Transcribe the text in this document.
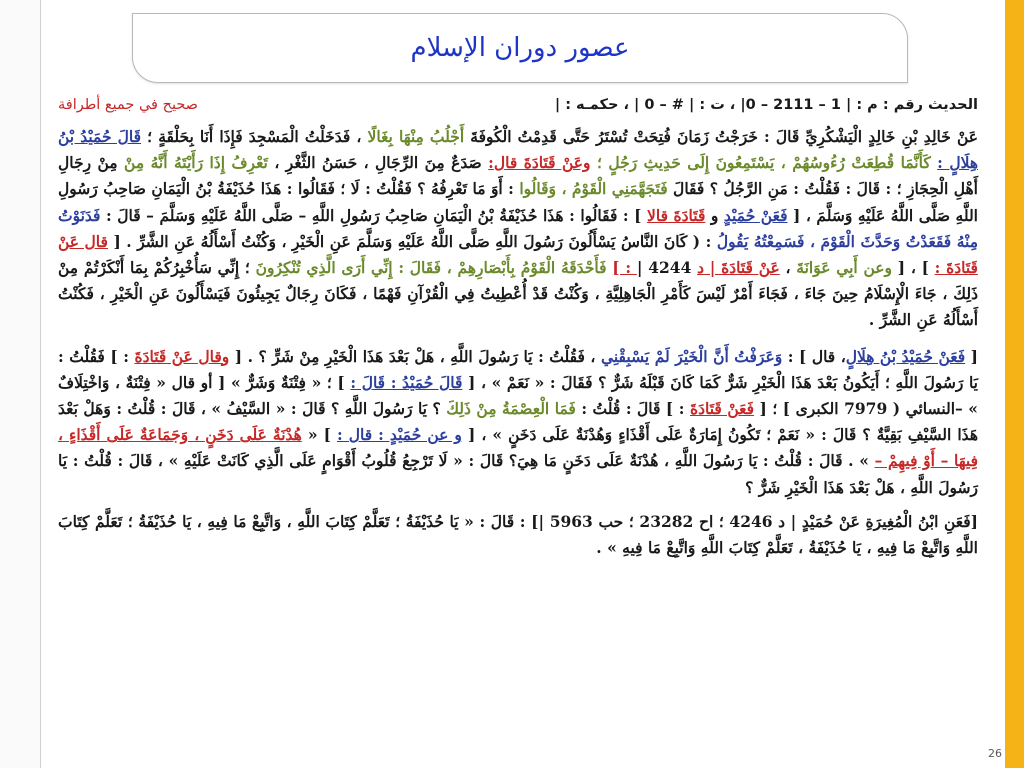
عصور دوران الإسلام
الحديث رقم : م : | 1 – 2111 – 0| ، ت : | # – 0 | ، حكمـه : |
صحيح في جميع أطرافة

عَنْ خَالِدِ بْنِ خَالِدٍ الْيَشْكُرِيِّ قَالَ : خَرَجْتُ زَمَانَ فُتِحَتْ تُسْتَرُ حَتَّى قَدِمْتُ الْكُوفَةَ أَجْلُبُ مِنْهَا بِغَالًا ، فَدَخَلْتُ الْمَسْجِدَ فَإِذَا أَنَا بِحَلْقَةٍ ؛ قَالَ حُمَيْدُ بْنُ هِلَالٍ : كَأَنَّمَا قُطِعَتْ رُءُوسُهُمْ ، يَسْتَمِعُونَ إِلَى حَدِيثِ رَجُلٍ ؛ وعَنْ قَتَادَةَ قال: صَدَعٌ مِنَ الرِّجَالِ ، حَسَنُ الثَّغْرِ ، تَعْرِفُ إِذَا رَأَيْتَهُ أَنَّهُ مِنْ مِنْ رِجَالِ أَهْلِ الْحِجَازِ ؛ : قَالَ : فَقُلْتُ : مَنِ الرَّجُلُ ؟ فَقَالَ فَتَجَهَّمَنِي الْقَوْمُ ، وَقَالُوا : أَوَ مَا تَعْرِفُهُ ؟ فَقُلْتُ : لَا ؛ فَقَالُوا : هَذَا حُذَيْفَةُ بْنُ الْيَمَانِ صَاحِبُ رَسُولِ اللَّهِ صَلَّى اللَّهُ عَلَيْهِ وَسَلَّمَ ، [ فَعَنْ حُمَيْدٍ و قَتَادَةَ قالا ] : فَقَالُوا : هَذَا حُذَيْفَةُ بْنُ الْيَمَانِ صَاحِبُ رَسُولِ اللَّهِ – صَلَّى اللَّهُ عَلَيْهِ وَسَلَّمَ – قَالَ : فَدَنَوْتُ مِنْهُ فَقَعَدْتُ وَحَدَّثَ الْقَوْمَ ، فَسَمِعْتُهُ يَقُولُ : ( كَانَ النَّاسُ يَسْأَلُونَ رَسُولَ اللَّهِ صَلَّى اللَّهُ عَلَيْهِ وَسَلَّمَ عَنِ الْخَيْرِ ، وَكُنْتُ أَسْأَلُهُ عَنِ الشَّرِّ . [ قال عَنْ قَتَادَةَ : ] ، [ وعن أَبِي عَوَانَةَ ، عَنْ قَتَادَةَ | د 4244 | : ] فَأَحْدَقَهُ الْقَوْمُ بِأَبْصَارِهِمْ ، فَقَالَ : إِنِّي أَرَى الَّذِي تُنْكِرُونَ ؛ إِنِّي سَأُخْبِرُكُمْ بِمَا أَنْكَرْتُمْ مِنْ ذَلِكَ ، جَاءَ الْإِسْلَامُ حِينَ جَاءَ ، فَجَاءَ أَمْرٌ لَيْسَ كَأَمْرِ الْجَاهِلِيَّةِ ، وَكُنْتُ قَدْ أُعْطِيتُ فِي الْقُرْآنِ فَهْمًا ، فَكَانَ رِجَالٌ يَجِيئُونَ فَيَسْأَلُونَ عَنِ الْخَيْرِ ، فَكُنْتُ أَسْأَلُهُ عَنِ الشَّرِّ .

[ فَعَنْ حُمَيْدُ بْنُ هِلَالٍ، قال ] : وَعَرَفْتُ أَنَّ الْخَيْرَ لَمْ يَسْبِقْنِي ، فَقُلْتُ : يَا رَسُولَ اللَّهِ ، هَلْ بَعْدَ هَذَا الْخَيْرِ مِنْ شَرٍّ ؟ . [ وقال عَنْ قَتَادَةَ : ] فَقُلْتُ : يَا رَسُولَ اللَّهِ ؛ أَيَكُونُ بَعْدَ هَذَا الْخَيْرِ شَرٌّ كَمَا كَانَ قَبْلَهُ شَرٌّ ؟ فَقَالَ : « نَعَمْ » ، [ قَالَ حُمَيْدُ : قَالَ : ] ؛ « فِتْنَةٌ وَشَرٌّ » [ أو قال « فِتْنَةٌ ، وَاخْتِلَافٌ » –النسائي ( 7979 الكبرى ] ؛ [ فَعَنْ قَتَادَةَ : ] قَالَ : قُلْتُ : فَمَا الْعِصْمَةُ مِنْ ذَلِكَ ؟ يَا رَسُولَ اللَّهِ ؟ قَالَ : « السَّيْفُ » ، قَالَ : قُلْتُ : وَهَلْ بَعْدَ هَذَا السَّيْفِ بَقِيَّةٌ ؟ قَالَ : « نَعَمْ ؛ تَكُونُ إِمَارَةٌ عَلَى أَقْذَاءٍ وَهُدْنَةٌ عَلَى دَخَنٍ » ، [ و عن حُمَيْدٍ : قال : ] « هُدْنَةٌ عَلَى دَخَنٍ ، وَجَمَاعَةٌ عَلَى أَقْذَاءٍ ، فِيهَا – أَوْ فِيهِمْ – » . قَالَ : قُلْتُ : يَا رَسُولَ اللَّهِ ، هُدْنَةٌ عَلَى دَخَنٍ مَا هِيَ؟ قَالَ : « لَا تَرْجِعُ قُلُوبُ أَقْوَامٍ عَلَى الَّذِي كَانَتْ عَلَيْهِ » ، قَالَ : قُلْتُ : يَا رَسُولَ اللَّهِ ، هَلْ بَعْدَ هَذَا الْخَيْرِ شَرٌّ ؟

[فَعَنِ ابْنُ الْمُغِيرَةِ عَنْ حُمَيْدٍ | د 4246 ؛ اح 23282 ؛ حب 5963 |] : قَالَ : « يَا حُذَيْفَةُ ؛ تَعَلَّمْ كِتَابَ اللَّهِ ، وَاتَّبِعْ مَا فِيهِ ، يَا حُذَيْفَةُ ؛ تَعَلَّمْ كِتَابَ اللَّهِ وَاتَّبِعْ مَا فِيهِ ، يَا حُذَيْفَةُ ، تَعَلَّمْ كِتَابَ اللَّهِ وَاتَّبِعْ مَا فِيهِ » .

26
